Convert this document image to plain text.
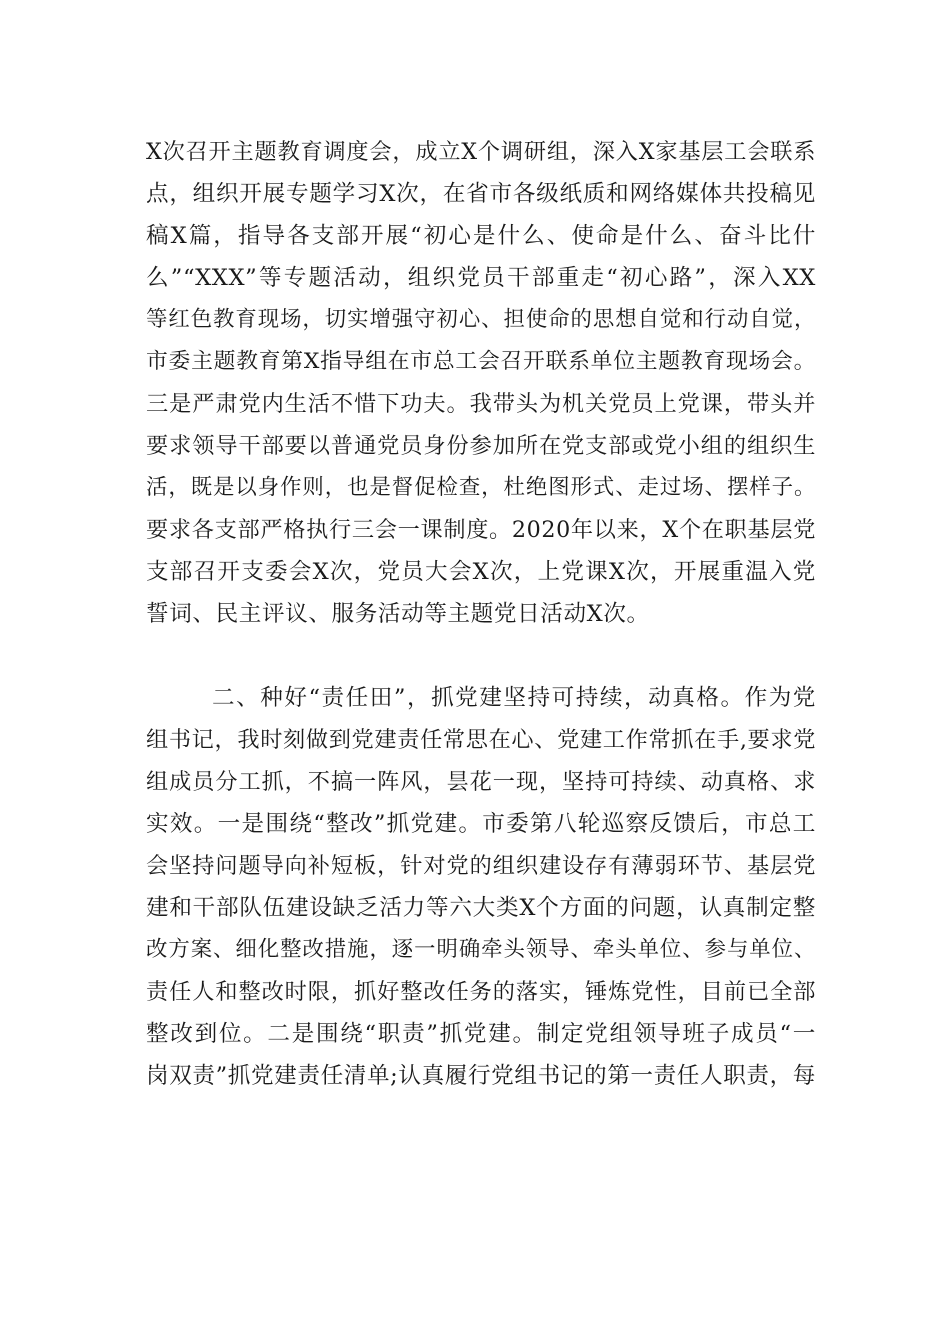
X次召开主题教育调度会，成立X个调研组，深入X家基层工会联系
点，组织开展专题学习X次，在省市各级纸质和网络媒体共投稿见
稿X篇，指导各支部开展“初心是什么、使命是什么、奋斗比什
么”“XXX”等专题活动，组织党员干部重走“初心路”，深入XX
等红色教育现场，切实增强守初心、担使命的思想自觉和行动自觉，
市委主题教育第X指导组在市总工会召开联系单位主题教育现场会。
三是严肃党内生活不惜下功夫。我带头为机关党员上党课，带头并
要求领导干部要以普通党员身份参加所在党支部或党小组的组织生
活，既是以身作则，也是督促检查，杜绝图形式、走过场、摆样子。
要求各支部严格执行三会一课制度。2020年以来，X个在职基层党
支部召开支委会X次，党员大会X次，上党课X次，开展重温入党
誓词、民主评议、服务活动等主题党日活动X次。
二、种好“责任田”，抓党建坚持可持续，动真格。作为党
组书记，我时刻做到党建责任常思在心、党建工作常抓在手,要求党
组成员分工抓，不搞一阵风，昙花一现，坚持可持续、动真格、求
实效。一是围绕“整改”抓党建。市委第八轮巡察反馈后，市总工
会坚持问题导向补短板，针对党的组织建设存有薄弱环节、基层党
建和干部队伍建设缺乏活力等六大类X个方面的问题，认真制定整
改方案、细化整改措施，逐一明确牵头领导、牵头单位、参与单位、
责任人和整改时限，抓好整改任务的落实，锤炼党性，目前已全部
整改到位。二是围绕“职责”抓党建。制定党组领导班子成员“一
岗双责”抓党建责任清单;认真履行党组书记的第一责任人职责，每
